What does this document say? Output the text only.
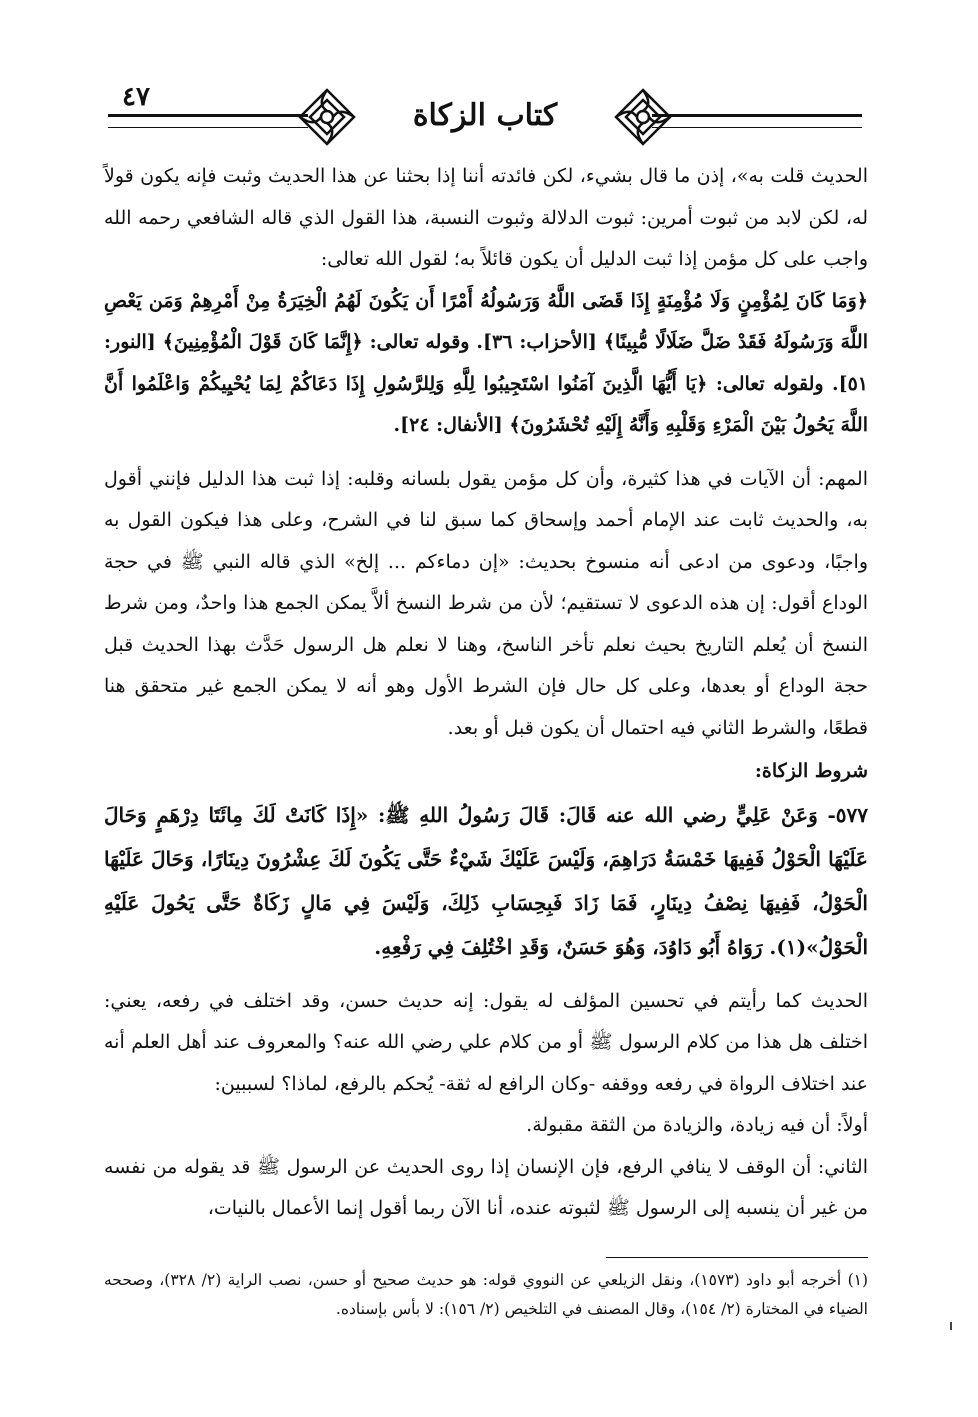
كتاب الزكاة
٤٧

الحديث قلت به»، إذن ما قال بشيء، لكن فائدته أننا إذا بحثنا عن هذا الحديث وثبت فإنه يكون قولاً له، لكن لابد من ثبوت أمرين: ثبوت الدلالة وثبوت النسبة، هذا القول الذي قاله الشافعي رحمه الله واجب على كل مؤمن إذا ثبت الدليل أن يكون قائلاً به؛ لقول الله تعالى:

﴿وَمَا كَانَ لِمُؤْمِنٍ وَلَا مُؤْمِنَةٍ إِذَا قَضَى اللَّهُ وَرَسُولُهُ أَمْرًا أَن يَكُونَ لَهُمُ الْخِيَرَةُ مِنْ أَمْرِهِمْ وَمَن يَعْصِ اللَّهَ وَرَسُولَهُ فَقَدْ ضَلَّ ضَلَالًا مُّبِينًا﴾ [الأحزاب: ٣٦]. وقوله تعالى: ﴿إِنَّمَا كَانَ قَوْلَ الْمُؤْمِنِينَ﴾ [النور: ٥١]. ولقوله تعالى: ﴿يَا أَيُّهَا الَّذِينَ آمَنُوا اسْتَجِيبُوا لِلَّهِ وَلِلرَّسُولِ إِذَا دَعَاكُمْ لِمَا يُحْيِيكُمْ وَاعْلَمُوا أَنَّ اللَّهَ يَحُولُ بَيْنَ الْمَرْءِ وَقَلْبِهِ وَأَنَّهُ إِلَيْهِ تُحْشَرُونَ﴾ [الأنفال: ٢٤].

المهم: أن الآيات في هذا كثيرة، وأن كل مؤمن يقول بلسانه وقلبه: إذا ثبت هذا الدليل فإنني أقول به، والحديث ثابت عند الإمام أحمد وإسحاق كما سبق لنا في الشرح، وعلى هذا فيكون القول به واجبًا، ودعوى من ادعى أنه منسوخ بحديث: «إن دماءكم ... إلخ» الذي قاله النبي ﷺ في حجة الوداع أقول: إن هذه الدعوى لا تستقيم؛ لأن من شرط النسخ ألاَّ يمكن الجمع هذا واحدٌ، ومن شرط النسخ أن يُعلم التاريخ بحيث نعلم تأخر الناسخ، وهنا لا نعلم هل الرسول حَدَّث بهذا الحديث قبل حجة الوداع أو بعدها، وعلى كل حال فإن الشرط الأول وهو أنه لا يمكن الجمع غير متحقق هنا قطعًا، والشرط الثاني فيه احتمال أن يكون قبل أو بعد.

شروط الزكاة:

٥٧٧- وَعَنْ عَلِيٍّ رضي الله عنه قَالَ: قَالَ رَسُولُ اللهِ ﷺ: «إِذَا كَانَتْ لَكَ مِائَتَا دِرْهَمٍ وَحَالَ عَلَيْهَا الْحَوْلُ فَفِيهَا خَمْسَةُ دَرَاهِمَ، وَلَيْسَ عَلَيْكَ شَيْءٌ حَتَّى يَكُونَ لَكَ عِشْرُونَ دِينَارًا، وَحَالَ عَلَيْهَا الْحَوْلُ، فَفِيهَا نِصْفُ دِينَارٍ، فَمَا زَادَ فَبِحِسَابِ ذَلِكَ، وَلَيْسَ فِي مَالٍ زَكَاةٌ حَتَّى يَحُولَ عَلَيْهِ الْحَوْلُ»(١). رَوَاهُ أَبُو دَاوُدَ، وَهُوَ حَسَنٌ، وَقَدِ اخْتُلِفَ فِي رَفْعِهِ.

الحديث كما رأيتم في تحسين المؤلف له يقول: إنه حديث حسن، وقد اختلف في رفعه، يعني: اختلف هل هذا من كلام الرسول ﷺ أو من كلام علي رضي الله عنه؟ والمعروف عند أهل العلم أنه عند اختلاف الرواة في رفعه ووقفه -وكان الرافع له ثقة- يُحكم بالرفع، لماذا؟ لسببين:

أولاً: أن فيه زيادة، والزيادة من الثقة مقبولة.

الثاني: أن الوقف لا ينافي الرفع، فإن الإنسان إذا روى الحديث عن الرسول ﷺ قد يقوله من نفسه من غير أن ينسبه إلى الرسول ﷺ لثبوته عنده، أنا الآن ربما أقول إنما الأعمال بالنيات،

(١) أخرجه أبو داود (١٥٧٣)، ونقل الزيلعي عن النووي قوله: هو حديث صحيح أو حسن، نصب الراية (٢/ ٣٢٨)، وصححه الضياء في المختارة (٢/ ١٥٤)، وقال المصنف في التلخيص (٢/ ١٥٦): لا بأس بإسناده.
